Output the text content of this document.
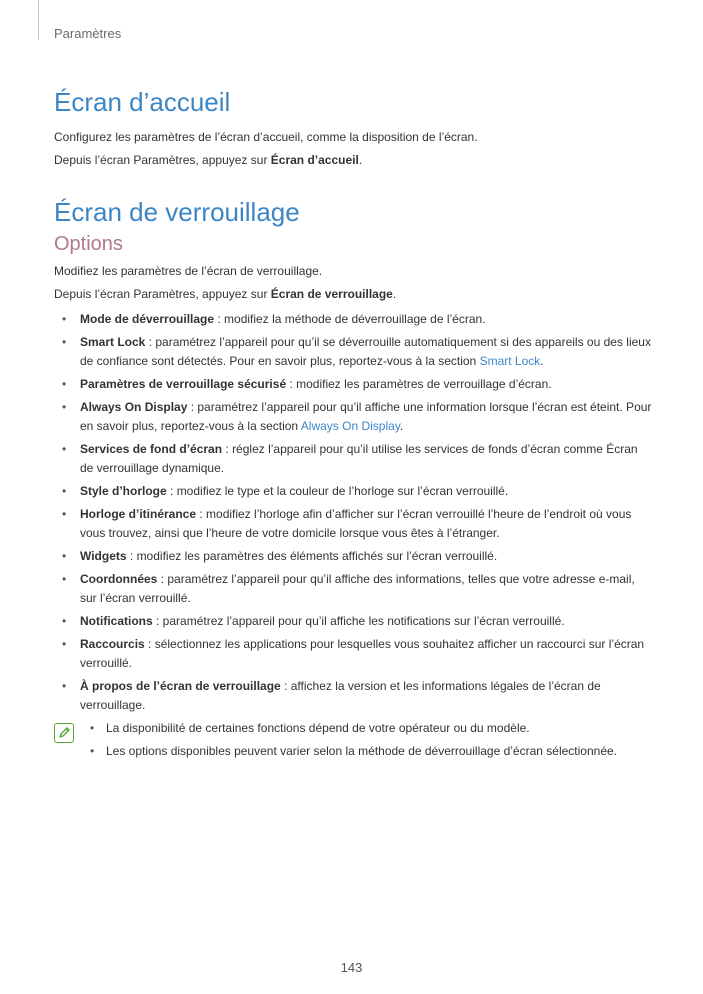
Paramètres
Écran d’accueil

Configurez les paramètres de l’écran d’accueil, comme la disposition de l’écran.

Depuis l’écran Paramètres, appuyez sur Écran d’accueil.

Écran de verrouillage
Options

Modifiez les paramètres de l’écran de verrouillage.

Depuis l’écran Paramètres, appuyez sur Écran de verrouillage.

• Mode de déverrouillage : modifiez la méthode de déverrouillage de l’écran.
• Smart Lock : paramétrez l’appareil pour qu’il se déverrouille automatiquement si des appareils ou des lieux de confiance sont détectés. Pour en savoir plus, reportez-vous à la section Smart Lock.
• Paramètres de verrouillage sécurisé : modifiez les paramètres de verrouillage d’écran.
• Always On Display : paramétrez l’appareil pour qu’il affiche une information lorsque l’écran est éteint. Pour en savoir plus, reportez-vous à la section Always On Display.
• Services de fond d’écran : réglez l’appareil pour qu’il utilise les services de fonds d’écran comme Écran de verrouillage dynamique.
• Style d’horloge : modifiez le type et la couleur de l’horloge sur l’écran verrouillé.
• Horloge d’itinérance : modifiez l’horloge afin d’afficher sur l’écran verrouillé l’heure de l’endroit où vous vous trouvez, ainsi que l’heure de votre domicile lorsque vous êtes à l’étranger.
• Widgets : modifiez les paramètres des éléments affichés sur l’écran verrouillé.
• Coordonnées : paramétrez l’appareil pour qu’il affiche des informations, telles que votre adresse e-mail, sur l’écran verrouillé.
• Notifications : paramétrez l’appareil pour qu’il affiche les notifications sur l’écran verrouillé.
• Raccourcis : sélectionnez les applications pour lesquelles vous souhaitez afficher un raccourci sur l’écran verrouillé.
• À propos de l’écran de verrouillage : affichez la version et les informations légales de l’écran de verrouillage.
• La disponibilité de certaines fonctions dépend de votre opérateur ou du modèle.
• Les options disponibles peuvent varier selon la méthode de déverrouillage d’écran sélectionnée.
143
